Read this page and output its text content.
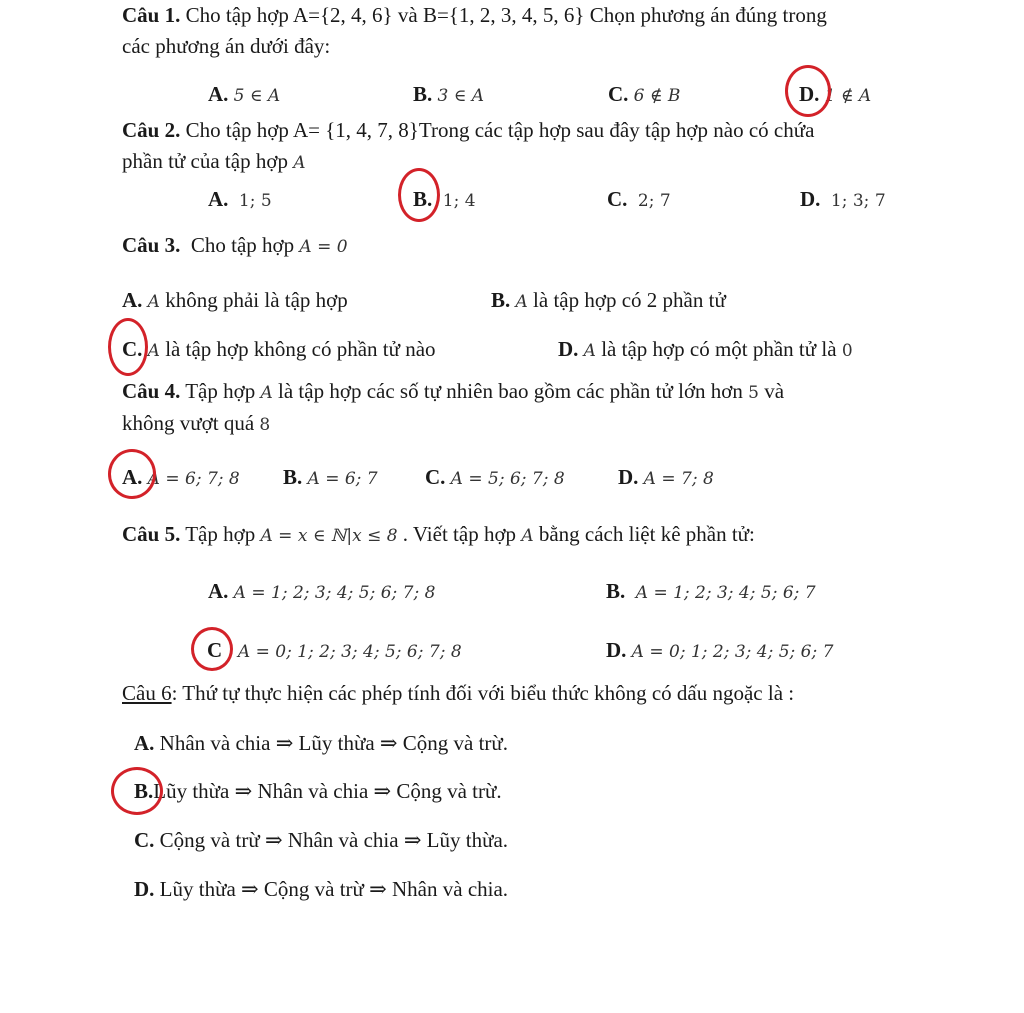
Câu 1. Cho tập hợp A={2, 4, 6} và B={1, 2, 3, 4, 5, 6} Chọn phương án đúng trong
các phương án dưới đây:
A. 5 ∈ A	B. 3 ∈ A	C. 6 ∉ B	D. 1 ∉ A
Câu 2. Cho tập hợp A= {1, 4, 7, 8}Trong các tập hợp sau đây tập hợp nào có chứa
phần tử của tập hợp A
A. 1; 5	B. 1; 4	C. 2; 7	D. 1; 3; 7
Câu 3. Cho tập hợp A = 0
A. A không phải là tập hợp	B. A là tập hợp có 2 phần tử
C. A là tập hợp không có phần tử nào	D. A là tập hợp có một phần tử là 0
Câu 4. Tập hợp A là tập hợp các số tự nhiên bao gồm các phần tử lớn hơn 5 và
không vượt quá 8
A. A = 6; 7; 8 B. A = 6; 7 C. A = 5; 6; 7; 8	D. A = 7; 8
Câu 5. Tập hợp A = x ∈ ℕ|x ≤ 8 . Viết tập hợp A bằng cách liệt kê phần tử:
A. A = 1; 2; 3; 4; 5; 6; 7; 8	B. A = 1; 2; 3; 4; 5; 6; 7
C A = 0; 1; 2; 3; 4; 5; 6; 7; 8	D. A = 0; 1; 2; 3; 4; 5; 6; 7
Câu 6: Thứ tự thực hiện các phép tính đối với biểu thức không có dấu ngoặc là :
A. Nhân và chia ⇒ Lũy thừa ⇒ Cộng và trừ.
B.Lũy thừa ⇒ Nhân và chia ⇒ Cộng và trừ.
C. Cộng và trừ ⇒ Nhân và chia ⇒ Lũy thừa.
D. Lũy thừa ⇒ Cộng và trừ ⇒ Nhân và chia.
